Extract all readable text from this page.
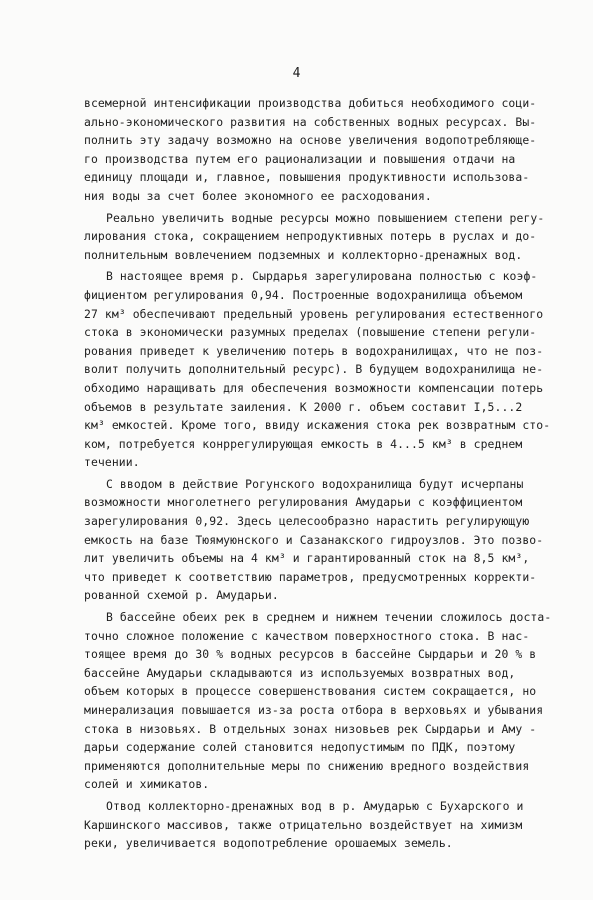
4
всемерной интенсификации производства добиться необходимого соци-
ально-экономического развития на собственных водных ресурсах. Вы-
полнить эту задачу возможно на основе увеличения водопотребляюще-
го производства путем его рационализации и повышения отдачи на
единицу площади и, главное, повышения продуктивности использова-
ния воды за счет более экономного ее расходования.
Реально увеличить водные ресурсы можно повышением степени регу-
лирования стока, сокращением непродуктивных потерь в руслах и до-
полнительным вовлечением подземных и коллекторно-дренажных вод.
В настоящее время р. Сырдарья зарегулирована полностью с коэф-
фициентом регулирования 0,94. Построенные водохранилища объемом
27 км³ обеспечивают предельный уровень регулирования естественного
стока в экономически разумных пределах (повышение степени регули-
рования приведет к увеличению потерь в водохранилищах, что не поз-
волит получить дополнительный ресурс). В будущем водохранилища не-
обходимо наращивать для обеспечения возможности компенсации потерь
объемов в результате заиления. К 2000 г. объем составит I,5...2
км³ емкостей. Кроме того, ввиду искажения стока рек возвратным сто-
ком, потребуется конррегулирующая емкость в 4...5 км³ в среднем
течении.
С вводом в действие Рогунского водохранилища будут исчерпаны
возможности многолетнего регулирования Амударьи с коэффициентом
зарегулирования 0,92. Здесь целесообразно нарастить регулирующую
емкость на базе Тюямуюнского и Сазанакского гидроузлов. Это позво-
лит увеличить объемы на 4 км³ и гарантированный сток на 8,5 км³,
что приведет к соответствию параметров, предусмотренных корректи-
рованной схемой р. Амударьи.
В бассейне обеих рек в среднем и нижнем течении сложилось доста-
точно сложное положение с качеством поверхностного стока. В нас-
тоящее время до 30 % водных ресурсов в бассейне Сырдарьи и 20 % в
бассейне Амударьи складываются из используемых возвратных вод,
объем которых в процессе совершенствования систем сокращается, но
минерализация повышается из-за роста отбора в верховьях и убывания
стока в низовьях. В отдельных зонах низовьев рек Сырдарьи и Аму -
дарьи содержание солей становится недопустимым по ПДК, поэтому
применяются дополнительные меры по снижению вредного воздействия
солей и химикатов.
Отвод коллекторно-дренажных вод в р. Амударью с Бухарского и
Каршинского массивов, также отрицательно воздействует на химизм
реки, увеличивается водопотребление орошаемых земель.
